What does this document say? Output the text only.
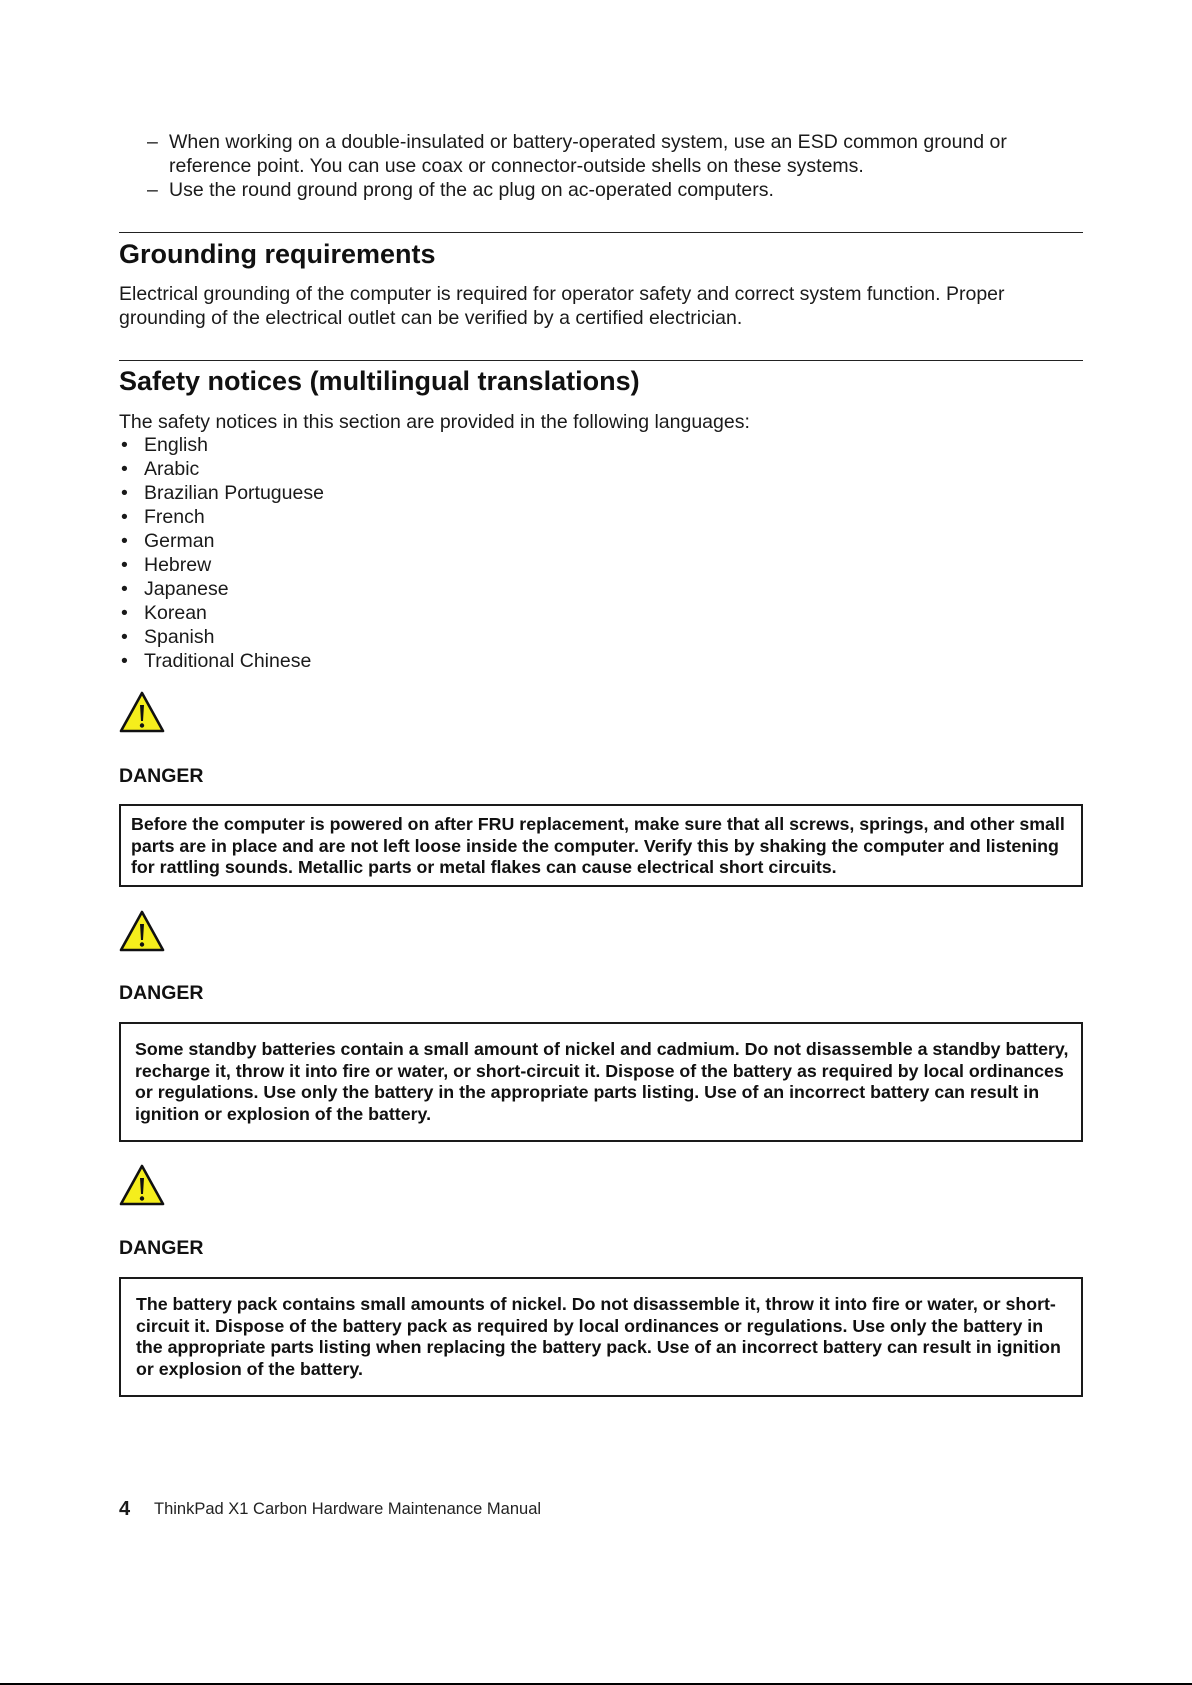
– When working on a double-insulated or battery-operated system, use an ESD common ground or reference point. You can use coax or connector-outside shells on these systems.
– Use the round ground prong of the ac plug on ac-operated computers.
Grounding requirements

Electrical grounding of the computer is required for operator safety and correct system function. Proper grounding of the electrical outlet can be verified by a certified electrician.

Safety notices (multilingual translations)

The safety notices in this section are provided in the following languages:

• English
• Arabic
• Brazilian Portuguese
• French
• German
• Hebrew
• Japanese
• Korean
• Spanish
• Traditional Chinese
DANGER
Before the computer is powered on after FRU replacement, make sure that all screws, springs, and other small parts are in place and are not left loose inside the computer. Verify this by shaking the computer and listening for rattling sounds. Metallic parts or metal flakes can cause electrical short circuits.
DANGER
Some standby batteries contain a small amount of nickel and cadmium. Do not disassemble a standby battery, recharge it, throw it into fire or water, or short-circuit it. Dispose of the battery as required by local ordinances or regulations. Use only the battery in the appropriate parts listing. Use of an incorrect battery can result in ignition or explosion of the battery.
DANGER
The battery pack contains small amounts of nickel. Do not disassemble it, throw it into fire or water, or short-circuit it. Dispose of the battery pack as required by local ordinances or regulations. Use only the battery in the appropriate parts listing when replacing the battery pack. Use of an incorrect battery can result in ignition or explosion of the battery.
4 ThinkPad X1 Carbon Hardware Maintenance Manual
